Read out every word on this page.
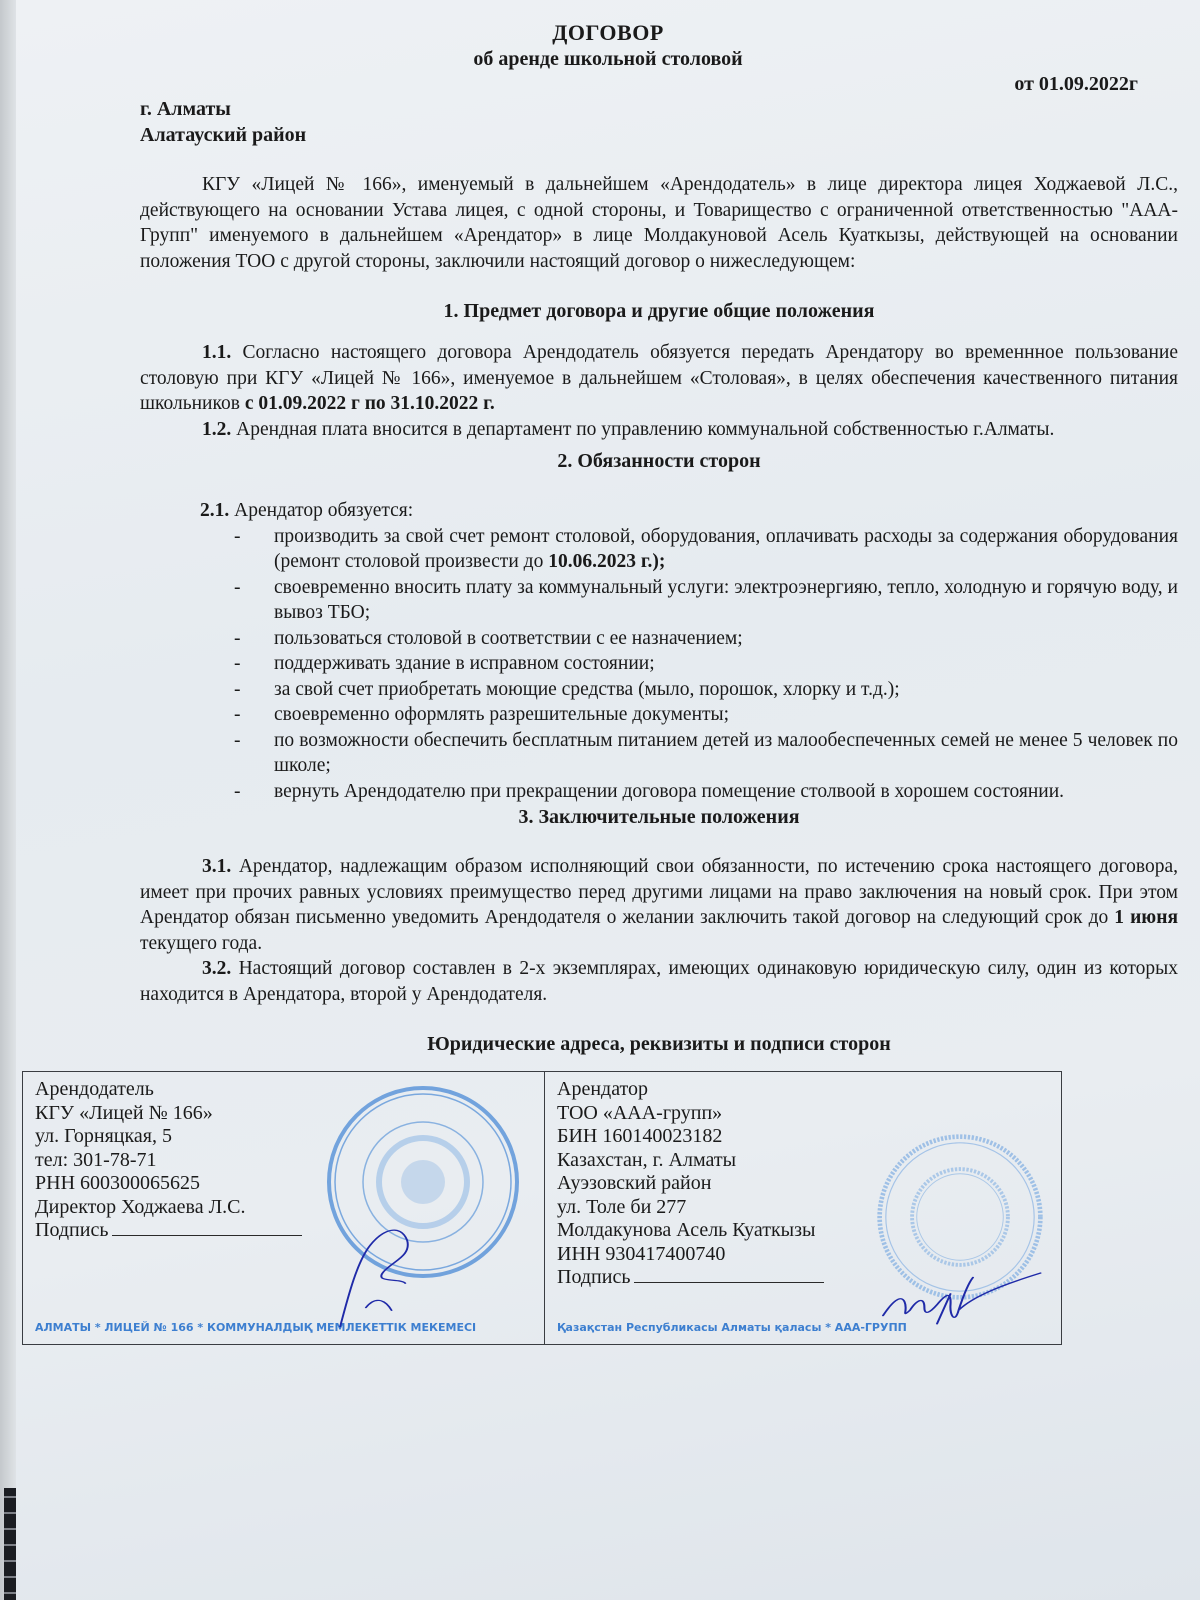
ДОГОВОР
об аренде школьной столовой
от 01.09.2022г
г. Алматы
Алатауский район

КГУ «Лицей № 166», именуемый в дальнейшем «Арендодатель» в лице директора лицея Ходжаевой Л.С., действующего на основании Устава лицея, с одной стороны, и Товарищество с ограниченной ответственностью "ААА-Групп" именуемого в дальнейшем «Арендатор» в лице Молдакуновой Асель Куаткызы, действующей на основании положения ТОО с другой стороны, заключили настоящий договор о нижеследующем:

1. Предмет договора и другие общие положения

1.1. Согласно настоящего договора Арендодатель обязуется передать Арендатору во временнное пользование столовую при КГУ «Лицей № 166», именуемое в дальнейшем «Столовая», в целях обеспечения качественного питания школьников с 01.09.2022 г по 31.10.2022 г.

1.2. Арендная плата вносится в департамент по управлению коммунальной собственностью г.Алматы.

2. Обязанности сторон
2.1. Арендатор обязуется:
- производить за свой счет ремонт столовой, оборудования, оплачивать расходы за содержания оборудования (ремонт столовой произвести до 10.06.2023 г.);
- своевременно вносить плату за коммунальный услуги: электроэнергияю, тепло, холодную и горячую воду, и вывоз ТБО;
- пользоваться столовой в соответствии с ее назначением;
- поддерживать здание в исправном состоянии;
- за свой счет приобретать моющие средства (мыло, порошок, хлорку и т.д.);
- своевременно оформлять разрешительные документы;
- по возможности обеспечить бесплатным питанием детей из малообеспеченных семей не менее 5 человек по школе;
- вернуть Арендодателю при прекращении договора помещение столвоой в хорошем состоянии.
3. Заключительные положения

3.1. Арендатор, надлежащим образом исполняющий свои обязанности, по истечению срока настоящего договора, имеет при прочих равных условиях преимущество перед другими лицами на право заключения на новый срок. При этом Арендатор обязан письменно уведомить Арендодателя о желании заключить такой договор на следующий срок до 1 июня текущего года.

3.2. Настоящий договор составлен в 2-х экземплярах, имеющих одинаковую юридическую силу, один из которых находится в Арендатора, второй у Арендодателя.

Юридические адреса, реквизиты и подписи сторон
АЛМАТЫ * ЛИЦЕЙ № 166 * КОММУНАЛДЫҚ МЕМЛЕКЕТТІК МЕКЕМЕСІ
Арендодатель
КГУ «Лицей № 166»
ул. Горняцкая, 5
тел: 301-78-71
РНН 600300065625
Директор Ходжаева Л.С.
Подпись
Қазақстан Республикасы Алматы қаласы * ААА-ГРУПП
Арендатор
ТОО «ААА-групп»
БИН 160140023182
Казахстан, г. Алматы
Ауэзовский район
ул. Толе би 277
Молдакунова Асель Куаткызы
ИНН 930417400740
Подпись
